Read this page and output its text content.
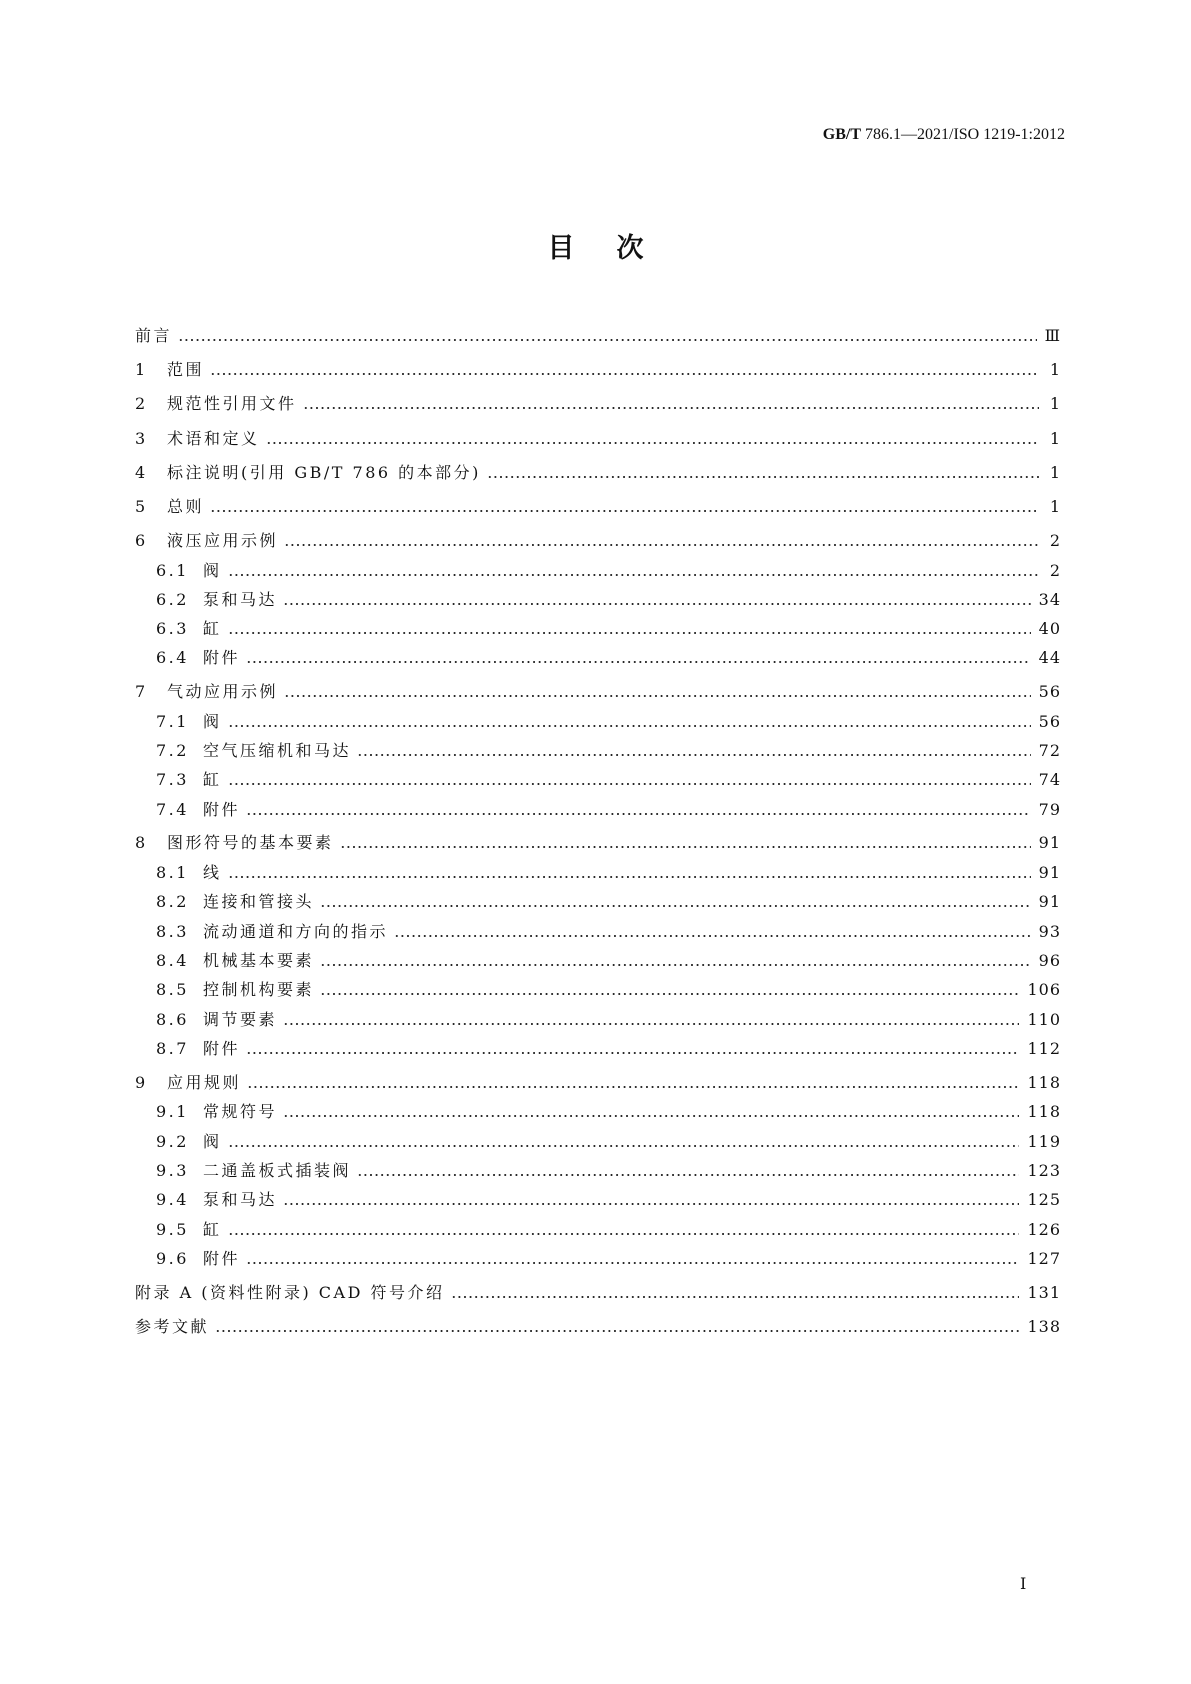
GB/T 786.1—2021/ISO 1219-1:2012
目次
前言	Ⅲ
1	范围	1
2	规范性引用文件	1
3	术语和定义	1
4	标注说明(引用 GB/T 786 的本部分)	1
5	总则	1
6	液压应用示例	2
6.1 阀	2
6.2 泵和马达	34
6.3 缸	40
6.4 附件	44
7	气动应用示例	56
7.1 阀	56
7.2 空气压缩机和马达	72
7.3 缸	74
7.4 附件	79
8	图形符号的基本要素	91
8.1 线	91
8.2 连接和管接头	91
8.3 流动通道和方向的指示	93
8.4 机械基本要素	96
8.5 控制机构要素	106
8.6 调节要素	110
8.7 附件	112
9	应用规则	118
9.1 常规符号	118
9.2 阀	119
9.3 二通盖板式插装阀	123
9.4 泵和马达	125
9.5 缸	126
9.6 附件	127
附录 A (资料性附录) CAD 符号介绍	131
参考文献	138
I
